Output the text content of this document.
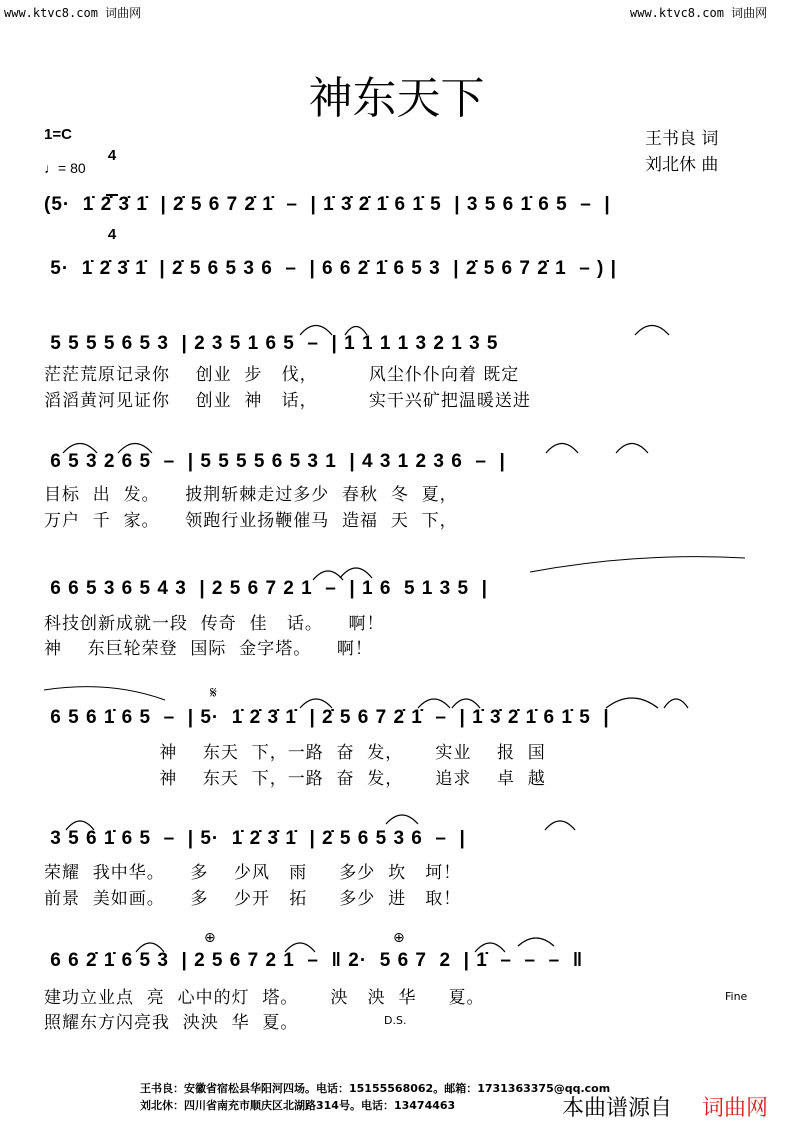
www.ktvc8.com 词曲网	www.ktvc8.com 词曲网
神东天下
1=C

4

4

♩= 80
王书良 词
刘北休 曲
(5·  1̇ 2̇ 3̇ 1̇  | 2̇ 5 6 7 2̇ 1̇  –  | 1̇ 3̇ 2̇ 1̇ 6 1̇ 5  | 3 5 6 1̇ 6 5  –  |
5·  1̇ 2̇ 3̇ 1̇  | 2̇ 5 6 5 3 6  –  | 6 6 2̇ 1̇ 6 5 3  | 2̇ 5 6 7 2̇ 1  – ) |
5 5 5 5 6 5 3  | 2 3 5 1 6 5  –  | 1 1 1 1 3 2 1 3 5
茫茫荒原记录你    创业  步   伐，        风尘仆仆向着 既定
滔滔黄河见证你    创业  神   话，        实干兴矿把温暖送进
6 5 3 2 6 5  –  | 5 5 5 5 6 5 3 1  | 4 3 1 2 3 6  –  |
目标  出  发。    披荆斩棘走过多少  春秋  冬  夏，
万户  千  家。    领跑行业扬鞭催马  造福  天  下，
6 6 5 3 6 5 4 3  | 2 5 6 7 2 1  –  | 1 6  5 1 3 5  |
科技创新成就一段  传奇  佳   话。    啊！
神    东巨轮荣登  国际  金字塔。    啊！
𝄋
6 5 6 1̇ 6 5  –  | 5·  1̇ 2̇ 3̇ 1̇  | 2̇ 5 6 7 2̇ 1̇  –  | 1̇ 3̇ 2̇ 1̇ 6 1̇ 5  |
神    东天  下，一路  奋  发，     实业    报  国
神    东天  下，一路  奋  发，     追求    卓  越
3 5 6 1̇ 6 5  –  | 5·  1̇ 2̇ 3̇ 1̇  | 2̇ 5 6 5 3 6  –  |
荣耀  我中华。    多    少风   雨     多少  坎   坷！
前景  美如画。    多    少开   拓     多少  进   取！
⊕	⊕
6 6 2̇ 1̇ 6 5 3  | 2 5 6 7 2 1  –  ‖ 2·  5 6 7  2  | 1̇  –  –  –  ‖
建功立业点  亮  心中的灯  塔。     泱   泱  华     夏。
照耀东方闪亮我  泱泱  华  夏。
Fine
D.S.
王书良：安徽省宿松县华阳河四场。电话：15155568062。邮箱：1731363375@qq.com
刘北休：四川省南充市顺庆区北湖路314号。电话：13474463	本曲谱源自 词曲网
